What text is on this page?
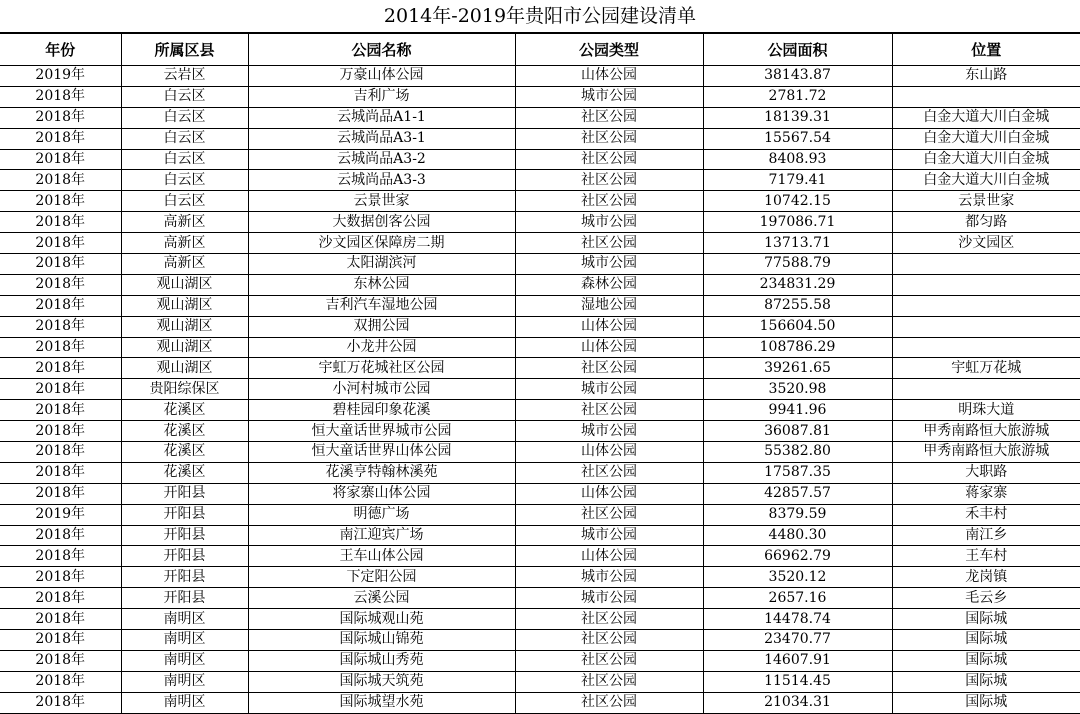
2014年-2019年贵阳市公园建设清单
年份	所属区县	公园名称	公园类型	公园面积	位置
2019年	云岩区	万豪山体公园	山体公园	38143.87	东山路
2018年	白云区	吉利广场	城市公园	2781.72	
2018年	白云区	云城尚品A1-1	社区公园	18139.31	白金大道大川白金城
2018年	白云区	云城尚品A3-1	社区公园	15567.54	白金大道大川白金城
2018年	白云区	云城尚品A3-2	社区公园	8408.93	白金大道大川白金城
2018年	白云区	云城尚品A3-3	社区公园	7179.41	白金大道大川白金城
2018年	白云区	云景世家	社区公园	10742.15	云景世家
2018年	高新区	大数据创客公园	城市公园	197086.71	都匀路
2018年	高新区	沙文园区保障房二期	社区公园	13713.71	沙文园区
2018年	高新区	太阳湖滨河	城市公园	77588.79	
2018年	观山湖区	东林公园	森林公园	234831.29	
2018年	观山湖区	吉利汽车湿地公园	湿地公园	87255.58	
2018年	观山湖区	双拥公园	山体公园	156604.50	
2018年	观山湖区	小龙井公园	山体公园	108786.29	
2018年	观山湖区	宇虹万花城社区公园	社区公园	39261.65	宇虹万花城
2018年	贵阳综保区	小河村城市公园	城市公园	3520.98	
2018年	花溪区	碧桂园印象花溪	社区公园	9941.96	明珠大道
2018年	花溪区	恒大童话世界城市公园	城市公园	36087.81	甲秀南路恒大旅游城
2018年	花溪区	恒大童话世界山体公园	山体公园	55382.80	甲秀南路恒大旅游城
2018年	花溪区	花溪亨特翰林溪苑	社区公园	17587.35	大职路
2018年	开阳县	将家寨山体公园	山体公园	42857.57	蒋家寨
2019年	开阳县	明德广场	社区公园	8379.59	禾丰村
2018年	开阳县	南江迎宾广场	城市公园	4480.30	南江乡
2018年	开阳县	王车山体公园	山体公园	66962.79	王车村
2018年	开阳县	下定阳公园	城市公园	3520.12	龙岗镇
2018年	开阳县	云溪公园	城市公园	2657.16	毛云乡
2018年	南明区	国际城观山苑	社区公园	14478.74	国际城
2018年	南明区	国际城山锦苑	社区公园	23470.77	国际城
2018年	南明区	国际城山秀苑	社区公园	14607.91	国际城
2018年	南明区	国际城天筑苑	社区公园	11514.45	国际城
2018年	南明区	国际城望水苑	社区公园	21034.31	国际城
